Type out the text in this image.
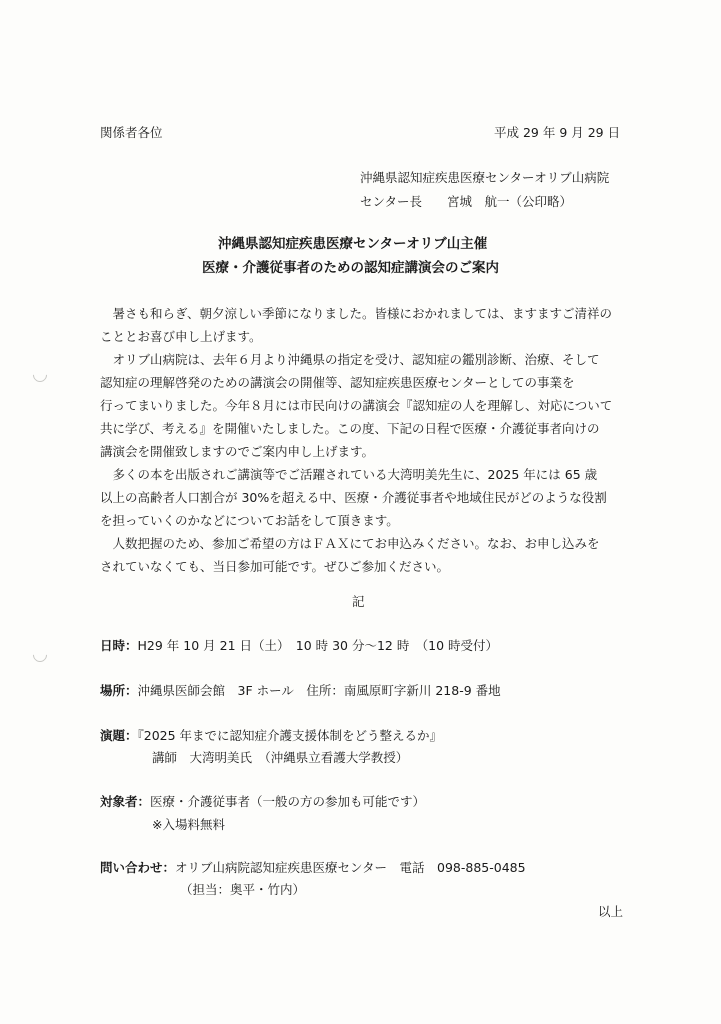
関係者各位	平成 29 年 9 月 29 日
沖縄県認知症疾患医療センターオリブ山病院
センター長　　宮城　航一（公印略）
沖縄県認知症疾患医療センターオリブ山主催
医療・介護従事者のための認知症講演会のご案内
　暑さも和らぎ、朝夕涼しい季節になりました。皆様におかれましては、ますますご清祥の
こととお喜び申し上げます。
　オリブ山病院は、去年６月より沖縄県の指定を受け、認知症の鑑別診断、治療、そして
認知症の理解啓発のための講演会の開催等、認知症疾患医療センターとしての事業を
行ってまいりました。今年８月には市民向けの講演会『認知症の人を理解し、対応について
共に学び、考える』を開催いたしました。この度、下記の日程で医療・介護従事者向けの
講演会を開催致しますのでご案内申し上げます。
　多くの本を出版されご講演等でご活躍されている大湾明美先生に、2025 年には 65 歳
以上の高齢者人口割合が 30%を超える中、医療・介護従事者や地域住民がどのような役割
を担っていくのかなどについてお話をして頂きます。
　人数把握のため、参加ご希望の方はＦＡＸにてお申込みください。なお、お申し込みを
されていなくても、当日参加可能です。ぜひご参加ください。
記
日時：H29 年 10 月 21 日（土）　10 時 30 分〜12 時　（10 時受付）
場所：沖縄県医師会館　3F ホール　住所：南風原町字新川 218-9 番地
演題：『2025 年までに認知症介護支援体制をどう整えるか』
講師　大湾明美氏　（沖縄県立看護大学教授）
対象者：医療・介護従事者（一般の方の参加も可能です）
※入場料無料
問い合わせ：オリブ山病院認知症疾患医療センター　電話　098-885-0485
（担当：奥平・竹内）
以上
